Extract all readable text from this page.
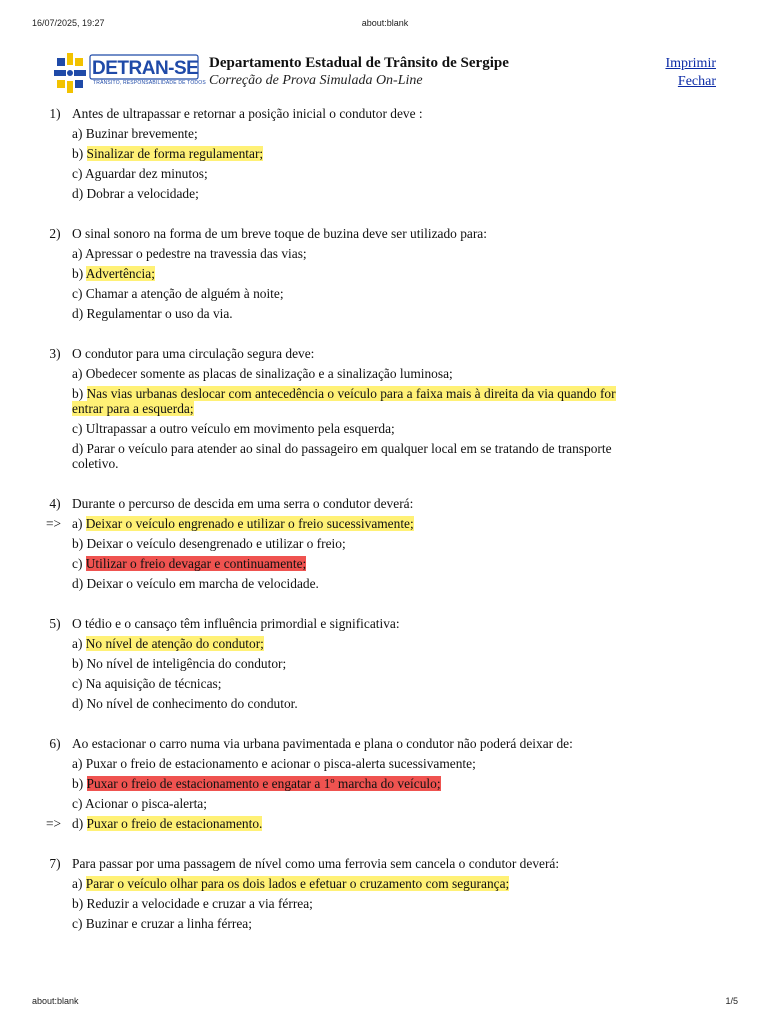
16/07/2025, 19:27	about:blank
DETRAN-SE
TRÂNSITO, RESPONSABILIDADE DE TODOS
Departamento Estadual de Trânsito de Sergipe
Correção de Prova Simulada On-Line
Imprimir
Fechar
1) Antes de ultrapassar e retornar a posição inicial o condutor deve :
a) Buzinar brevemente;
b) Sinalizar de forma regulamentar;
c) Aguardar dez minutos;
d) Dobrar a velocidade;
2) O sinal sonoro na forma de um breve toque de buzina deve ser utilizado para:
a) Apressar o pedestre na travessia das vias;
b) Advertência;
c) Chamar a atenção de alguém à noite;
d) Regulamentar o uso da via.
3) O condutor para uma circulação segura deve:
a) Obedecer somente as placas de sinalização e a sinalização luminosa;
b) Nas vias urbanas deslocar com antecedência o veículo para a faixa mais à direita da via quando for entrar para a esquerda;
c) Ultrapassar a outro veículo em movimento pela esquerda;
d) Parar o veículo para atender ao sinal do passageiro em qualquer local em se tratando de transporte coletivo.
4) Durante o percurso de descida em uma serra o condutor deverá:
=> a) Deixar o veículo engrenado e utilizar o freio sucessivamente;
b) Deixar o veículo desengrenado e utilizar o freio;
c) Utilizar o freio devagar e continuamente;
d) Deixar o veículo em marcha de velocidade.
5) O tédio e o cansaço têm influência primordial e significativa:
a) No nível de atenção do condutor;
b) No nível de inteligência do condutor;
c) Na aquisição de técnicas;
d) No nível de conhecimento do condutor.
6) Ao estacionar o carro numa via urbana pavimentada e plana o condutor não poderá deixar de:
a) Puxar o freio de estacionamento e acionar o pisca-alerta sucessivamente;
b) Puxar o freio de estacionamento e engatar a 1º marcha do veículo;
c) Acionar o pisca-alerta;
=> d) Puxar o freio de estacionamento.
7) Para passar por uma passagem de nível como uma ferrovia sem cancela o condutor deverá:
a) Parar o veículo olhar para os dois lados e efetuar o cruzamento com segurança;
b) Reduzir a velocidade e cruzar a via férrea;
c) Buzinar e cruzar a linha férrea;
about:blank	1/5
